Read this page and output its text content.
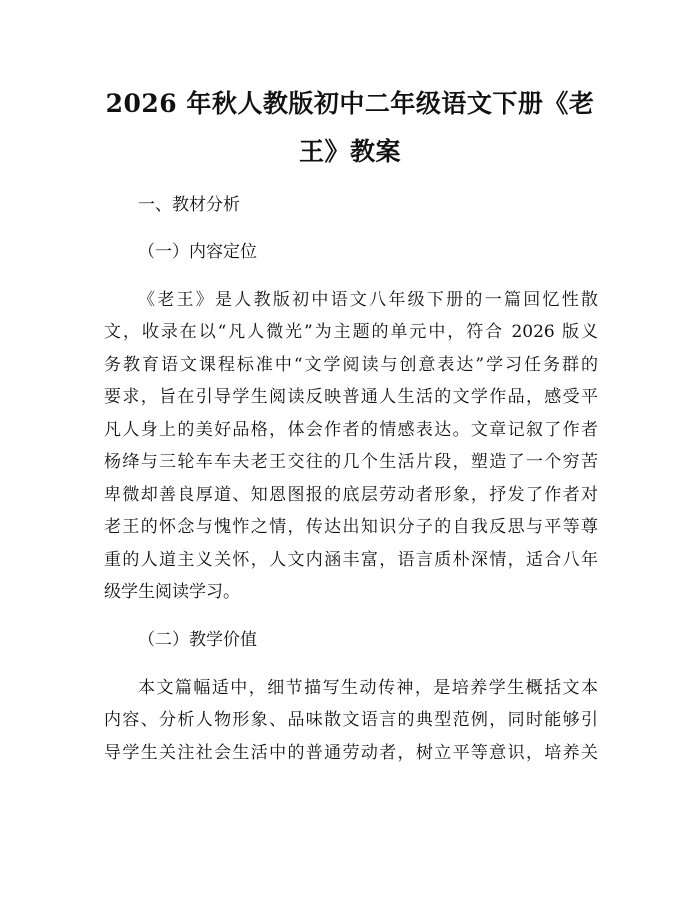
2026 年秋人教版初中二年级语文下册《老
王》教案

一、教材分析

（一）内容定位

《老王》是人教版初中语文八年级下册的一篇回忆性散

文，收录在以“凡人微光”为主题的单元中，符合 2026 版义

务教育语文课程标准中“文学阅读与创意表达”学习任务群的

要求，旨在引导学生阅读反映普通人生活的文学作品，感受平

凡人身上的美好品格，体会作者的情感表达。文章记叙了作者

杨绛与三轮车车夫老王交往的几个生活片段，塑造了一个穷苦

卑微却善良厚道、知恩图报的底层劳动者形象，抒发了作者对

老王的怀念与愧怍之情，传达出知识分子的自我反思与平等尊

重的人道主义关怀，人文内涵丰富，语言质朴深情，适合八年

级学生阅读学习。

（二）教学价值

本文篇幅适中，细节描写生动传神，是培养学生概括文本

内容、分析人物形象、品味散文语言的典型范例，同时能够引

导学生关注社会生活中的普通劳动者，树立平等意识，培养关
